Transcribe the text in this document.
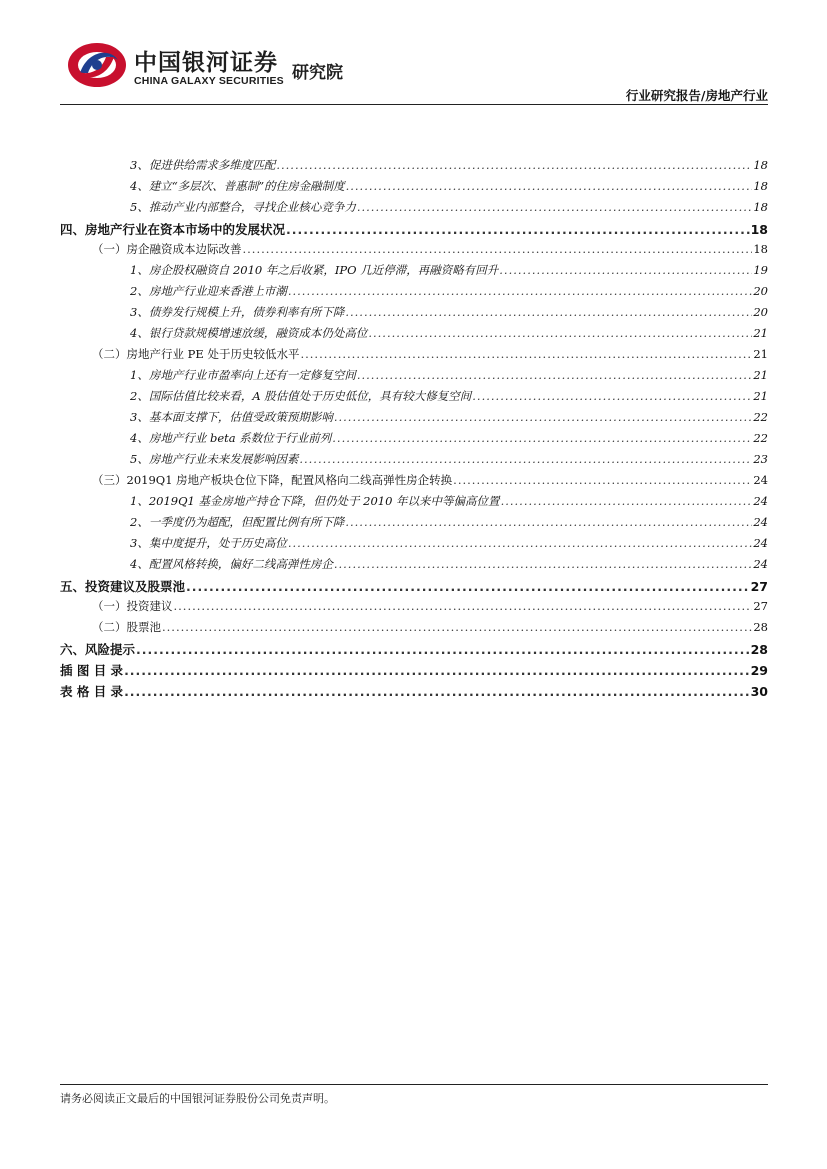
中国银河证券
CHINA GALAXY SECURITIES 研究院
行业研究报告/房地产行业
3、促进供给需求多维度匹配 .....	18
4、建立“多层次、普惠制”的住房金融制度 .....	18
5、推动产业内部整合，寻找企业核心竞争力 .....	18
四、房地产行业在资本市场中的发展状况 .....	18
（一）房企融资成本边际改善 .....	18
1、房企股权融资自 2010 年之后收紧，IPO 几近停滞，再融资略有回升 .....	19
2、房地产行业迎来香港上市潮 .....	20
3、债券发行规模上升，债券利率有所下降 .....	20
4、银行贷款规模增速放缓，融资成本仍处高位 .....	21
（二）房地产行业 PE 处于历史较低水平 .....	21
1、房地产行业市盈率向上还有一定修复空间 .....	21
2、国际估值比较来看，A 股估值处于历史低位，具有较大修复空间 .....	21
3、基本面支撑下，估值受政策预期影响 .....	22
4、房地产行业 beta 系数位于行业前列 .....	22
5、房地产行业未来发展影响因素 .....	23
（三）2019Q1 房地产板块仓位下降，配置风格向二线高弹性房企转换 .....	24
1、2019Q1 基金房地产持仓下降，但仍处于 2010 年以来中等偏高位置 .....	24
2、一季度仍为超配，但配置比例有所下降 .....	24
3、集中度提升，处于历史高位 .....	24
4、配置风格转换，偏好二线高弹性房企 .....	24
五、投资建议及股票池 .....	27
（一）投资建议 .....	27
（二）股票池 .....	28
六、风险提示 .....	28
插 图 目 录 .....	29
表 格 目 录 .....	30
请务必阅读正文最后的中国银河证券股份公司免责声明。
